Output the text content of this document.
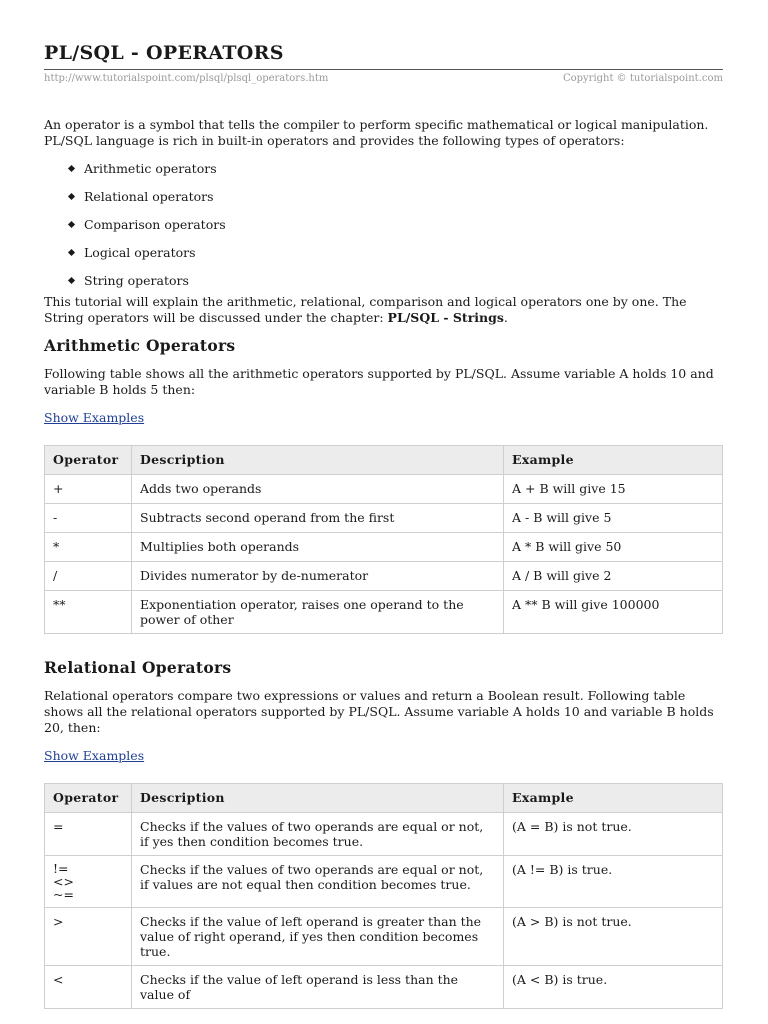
PL/SQL - OPERATORS
http://www.tutorialspoint.com/plsql/plsql_operators.htm	Copyright © tutorialspoint.com

An operator is a symbol that tells the compiler to perform specific mathematical or logical manipulation. PL/SQL language is rich in built-in operators and provides the following types of operators:

Arithmetic operators
Relational operators
Comparison operators
Logical operators
String operators

This tutorial will explain the arithmetic, relational, comparison and logical operators one by one. The String operators will be discussed under the chapter: PL/SQL - Strings.

Arithmetic Operators

Following table shows all the arithmetic operators supported by PL/SQL. Assume variable A holds 10 and variable B holds 5 then:

Show Examples
Operator	Description	Example
+	Adds two operands	A + B will give 15
-	Subtracts second operand from the first	A - B will give 5
*	Multiplies both operands	A * B will give 50
/	Divides numerator by de-numerator	A / B will give 2
**	Exponentiation operator, raises one operand to the power of other	A ** B will give 100000
Relational Operators

Relational operators compare two expressions or values and return a Boolean result. Following table shows all the relational operators supported by PL/SQL. Assume variable A holds 10 and variable B holds 20, then:

Show Examples
Operator	Description	Example
=	Checks if the values of two operands are equal or not, if yes then condition becomes true.	(A = B) is not true.

!=
<>
~=	Checks if the values of two operands are equal or not, if values are not equal then condition becomes true.	(A != B) is true.
>	Checks if the value of left operand is greater than the value of right operand, if yes then condition becomes true.	(A > B) is not true.
<	Checks if the value of left operand is less than the value of	(A < B) is true.
